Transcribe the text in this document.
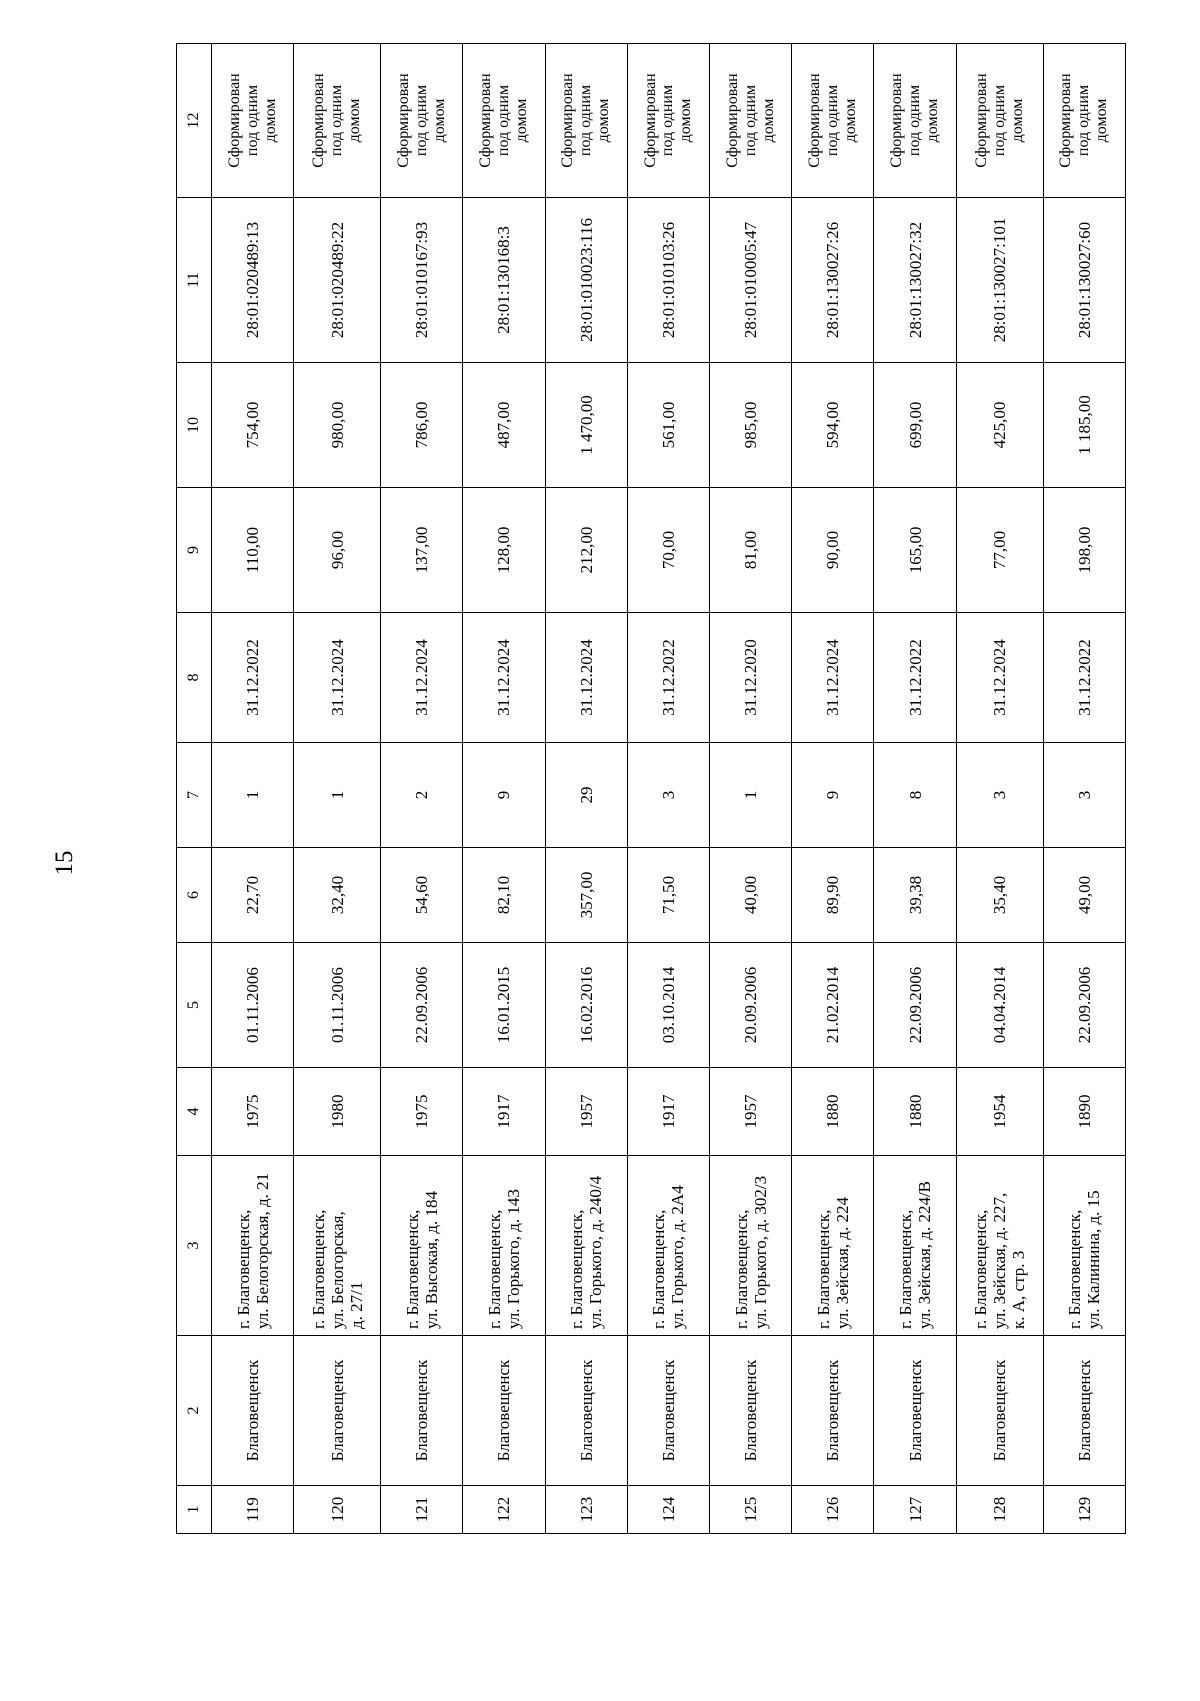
15
1	2	3	4	5	6	7	8	9	10	11	12
119	Благовещенск	г. Благовещенск,
ул. Белогорская, д. 21	1975	01.11.2006	22,70	1	31.12.2022	110,00	754,00	28:01:020489:13	Сформирован
под одним
домом
120	Благовещенск	г. Благовещенск,
ул. Белогорская,
д. 27/1	1980	01.11.2006	32,40	1	31.12.2024	96,00	980,00	28:01:020489:22	Сформирован
под одним
домом
121	Благовещенск	г. Благовещенск,
ул. Высокая, д. 184	1975	22.09.2006	54,60	2	31.12.2024	137,00	786,00	28:01:010167:93	Сформирован
под одним
домом
122	Благовещенск	г. Благовещенск,
ул. Горького, д. 143	1917	16.01.2015	82,10	9	31.12.2024	128,00	487,00	28:01:130168:3	Сформирован
под одним
домом
123	Благовещенск	г. Благовещенск,
ул. Горького, д. 240/4	1957	16.02.2016	357,00	29	31.12.2024	212,00	1 470,00	28:01:010023:116	Сформирован
под одним
домом
124	Благовещенск	г. Благовещенск,
ул. Горького, д. 2А4	1917	03.10.2014	71,50	3	31.12.2022	70,00	561,00	28:01:010103:26	Сформирован
под одним
домом
125	Благовещенск	г. Благовещенск,
ул. Горького, д. 302/3	1957	20.09.2006	40,00	1	31.12.2020	81,00	985,00	28:01:010005:47	Сформирован
под одним
домом
126	Благовещенск	г. Благовещенск,
ул. Зейская, д. 224	1880	21.02.2014	89,90	9	31.12.2024	90,00	594,00	28:01:130027:26	Сформирован
под одним
домом
127	Благовещенск	г. Благовещенск,
ул. Зейская, д. 224/В	1880	22.09.2006	39,38	8	31.12.2022	165,00	699,00	28:01:130027:32	Сформирован
под одним
домом
128	Благовещенск	г. Благовещенск,
ул. Зейская, д. 227,
к. А, стр. 3	1954	04.04.2014	35,40	3	31.12.2024	77,00	425,00	28:01:130027:101	Сформирован
под одним
домом
129	Благовещенск	г. Благовещенск,
ул. Калинина, д. 15	1890	22.09.2006	49,00	3	31.12.2022	198,00	1 185,00	28:01:130027:60	Сформирован
под одним
домом
